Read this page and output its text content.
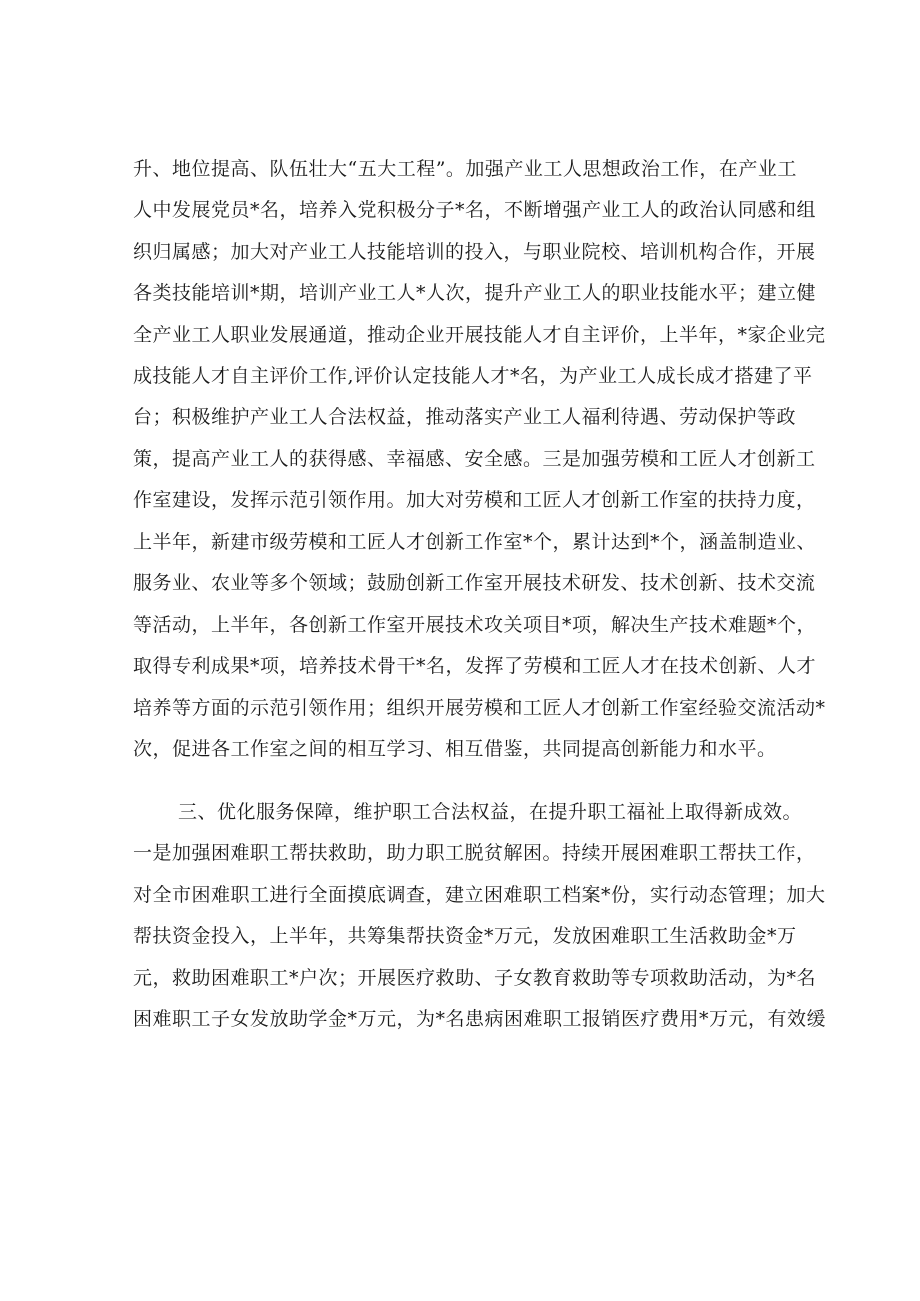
升、地位提高、队伍壮大“五大工程”。加强产业工人思想政治工作，在产业工
人中发展党员*名，培养入党积极分子*名，不断增强产业工人的政治认同感和组
织归属感；加大对产业工人技能培训的投入，与职业院校、培训机构合作，开展
各类技能培训*期，培训产业工人*人次，提升产业工人的职业技能水平；建立健
全产业工人职业发展通道，推动企业开展技能人才自主评价，上半年，*家企业完
成技能人才自主评价工作,评价认定技能人才*名，为产业工人成长成才搭建了平
台；积极维护产业工人合法权益，推动落实产业工人福利待遇、劳动保护等政
策，提高产业工人的获得感、幸福感、安全感。三是加强劳模和工匠人才创新工
作室建设，发挥示范引领作用。加大对劳模和工匠人才创新工作室的扶持力度，
上半年，新建市级劳模和工匠人才创新工作室*个，累计达到*个，涵盖制造业、
服务业、农业等多个领域；鼓励创新工作室开展技术研发、技术创新、技术交流
等活动，上半年，各创新工作室开展技术攻关项目*项，解决生产技术难题*个，
取得专利成果*项，培养技术骨干*名，发挥了劳模和工匠人才在技术创新、人才
培养等方面的示范引领作用；组织开展劳模和工匠人才创新工作室经验交流活动*
次，促进各工作室之间的相互学习、相互借鉴，共同提高创新能力和水平。
三、优化服务保障，维护职工合法权益，在提升职工福祉上取得新成效。
一是加强困难职工帮扶救助，助力职工脱贫解困。持续开展困难职工帮扶工作，
对全市困难职工进行全面摸底调查，建立困难职工档案*份，实行动态管理；加大
帮扶资金投入，上半年，共筹集帮扶资金*万元，发放困难职工生活救助金*万
元，救助困难职工*户次；开展医疗救助、子女教育救助等专项救助活动，为*名
困难职工子女发放助学金*万元，为*名患病困难职工报销医疗费用*万元，有效缓
